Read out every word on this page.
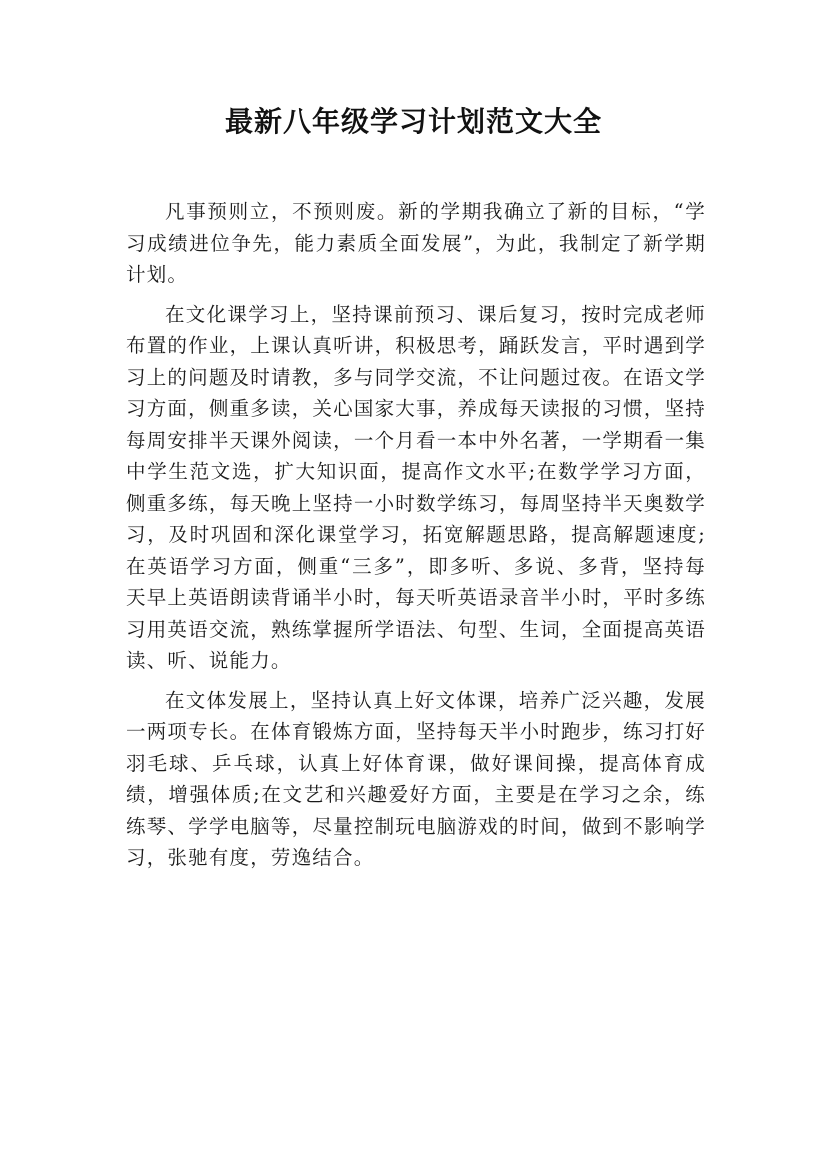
最新八年级学习计划范文大全

凡事预则立，不预则废。新的学期我确立了新的目标，“学习成绩进位争先，能力素质全面发展”，为此，我制定了新学期计划。

在文化课学习上，坚持课前预习、课后复习，按时完成老师布置的作业，上课认真听讲，积极思考，踊跃发言，平时遇到学习上的问题及时请教，多与同学交流，不让问题过夜。在语文学习方面，侧重多读，关心国家大事，养成每天读报的习惯，坚持每周安排半天课外阅读，一个月看一本中外名著，一学期看一集中学生范文选，扩大知识面，提高作文水平;在数学学习方面，侧重多练，每天晚上坚持一小时数学练习，每周坚持半天奥数学习，及时巩固和深化课堂学习，拓宽解题思路，提高解题速度;在英语学习方面，侧重“三多”，即多听、多说、多背，坚持每天早上英语朗读背诵半小时，每天听英语录音半小时，平时多练习用英语交流，熟练掌握所学语法、句型、生词，全面提高英语读、听、说能力。

在文体发展上，坚持认真上好文体课，培养广泛兴趣，发展一两项专长。在体育锻炼方面，坚持每天半小时跑步，练习打好羽毛球、乒乓球，认真上好体育课，做好课间操，提高体育成绩，增强体质;在文艺和兴趣爱好方面，主要是在学习之余，练练琴、学学电脑等，尽量控制玩电脑游戏的时间，做到不影响学习，张驰有度，劳逸结合。
